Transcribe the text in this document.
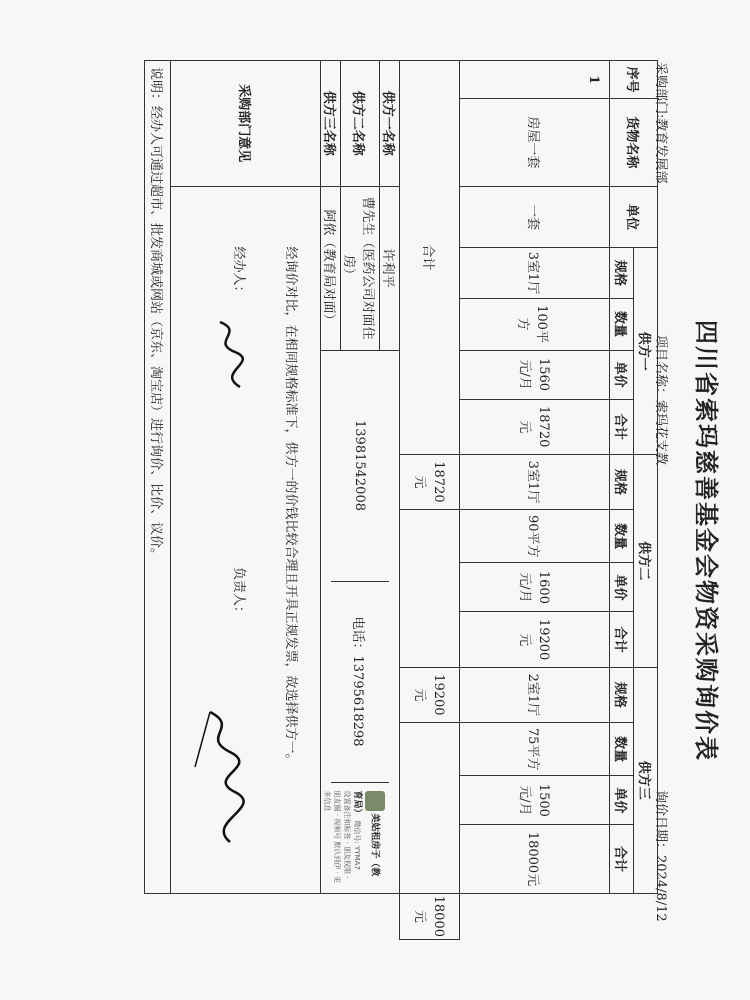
四川省索玛慈善基金会物资采购询价表
采购部门:教育发展部
项目名称：索玛花支教
询价日期：2024/8/12
序号	货物名称	单位	供方一				供方二				供方三				
			规格	数量	单价	合计	规格	数量	单价	合计	规格	数量	单价	合计	
1	房屋一套	一套	3室1厅	100平方	1560元/月	18720元	3室1厅	90平方	1600元/月	19200元	2室1厅	75平方	1500元/月	18000元	
合计							18720元				19200元				18000元
供方一名称		许利平			13981542008
电话：13795618298
美姑租房子（教育局） 微信号: YYMA7
设置备注和标签 · 朋友权限 · 朋友圈 · 视频号 默认到伊 · 更多信息										

供方二名称		曹先生（医药公司对面住房）													
供方三名称		阿侬（教育局对面）													
采购部门意见		经询价对比，在相同规格标准下，供方一的价钱比较合理且开具正规发票，故选择供方一。
经办人：  负责人：													

说明：经办人可通过超市、批发商城或网站（京东、淘宝店）进行询价、比价、议价。															
